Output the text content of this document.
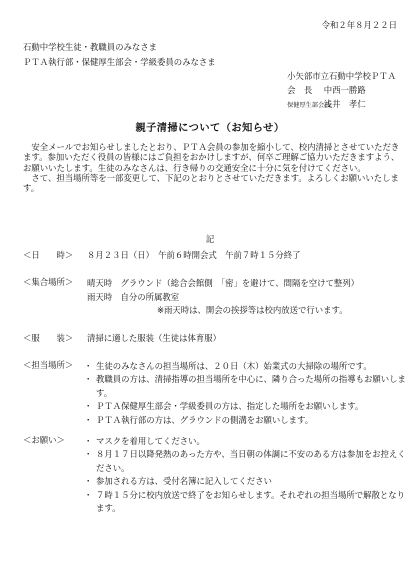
令和２年８月２２日
石動中学校生徒・教職員のみなさま
ＰＴＡ執行部・保健厚生部会・学級委員のみなさま
小矢部市立石動中学校ＰＴＡ
会　長 中西一勝路
保健厚生部会長 浅井　孝仁
親子清掃について（お知らせ）

安全メールでお知らせしましたとおり、ＰＴＡ会員の参加を縮小して、校内清掃とさせていただきます。参加いただく役員の皆様にはご負担をおかけしますが、何卒ご理解ご協力いただきますよう、お願いいたします。生徒のみなさんは、行き帰りの交通安全に十分に気を付けてください。

さて、担当場所等を一部変更して、下記のとおりとさせていただきます。よろしくお願いいたします。

記
＜日　　時＞	８月２３日（日）　午前６時開会式　午前７時１５分終了
＜集合場所＞	晴天時　グラウンド（総合会館側　「密」を避けて、間隔を空けて整列）
雨天時　自分の所属教室
※雨天時は、開会の挨拶等は校内放送で行います。
＜服　　装＞	清掃に適した服装（生徒は体育服）
＜担当場所＞	・ 生徒のみなさんの担当場所は、２０日（木）始業式の大掃除の場所です。
・ 教職員の方は、清掃指導の担当場所を中心に、隣り合った場所の指導もお願いします。
・ ＰＴＡ保健厚生部会・学級委員の方は、指定した場所をお願いします。
・ ＰＴＡ執行部の方は、グラウンドの側溝をお願いします。
＜お願い＞	・ マスクを着用してください。
・ ８月１７日以降発熱のあった方や、当日朝の体調に不安のある方は参加をお控えください。
・ 参加される方は、受付名簿に記入してください
・ ７時１５分に校内放送で終了をお知らせします。それぞれの担当場所で解散となります。
